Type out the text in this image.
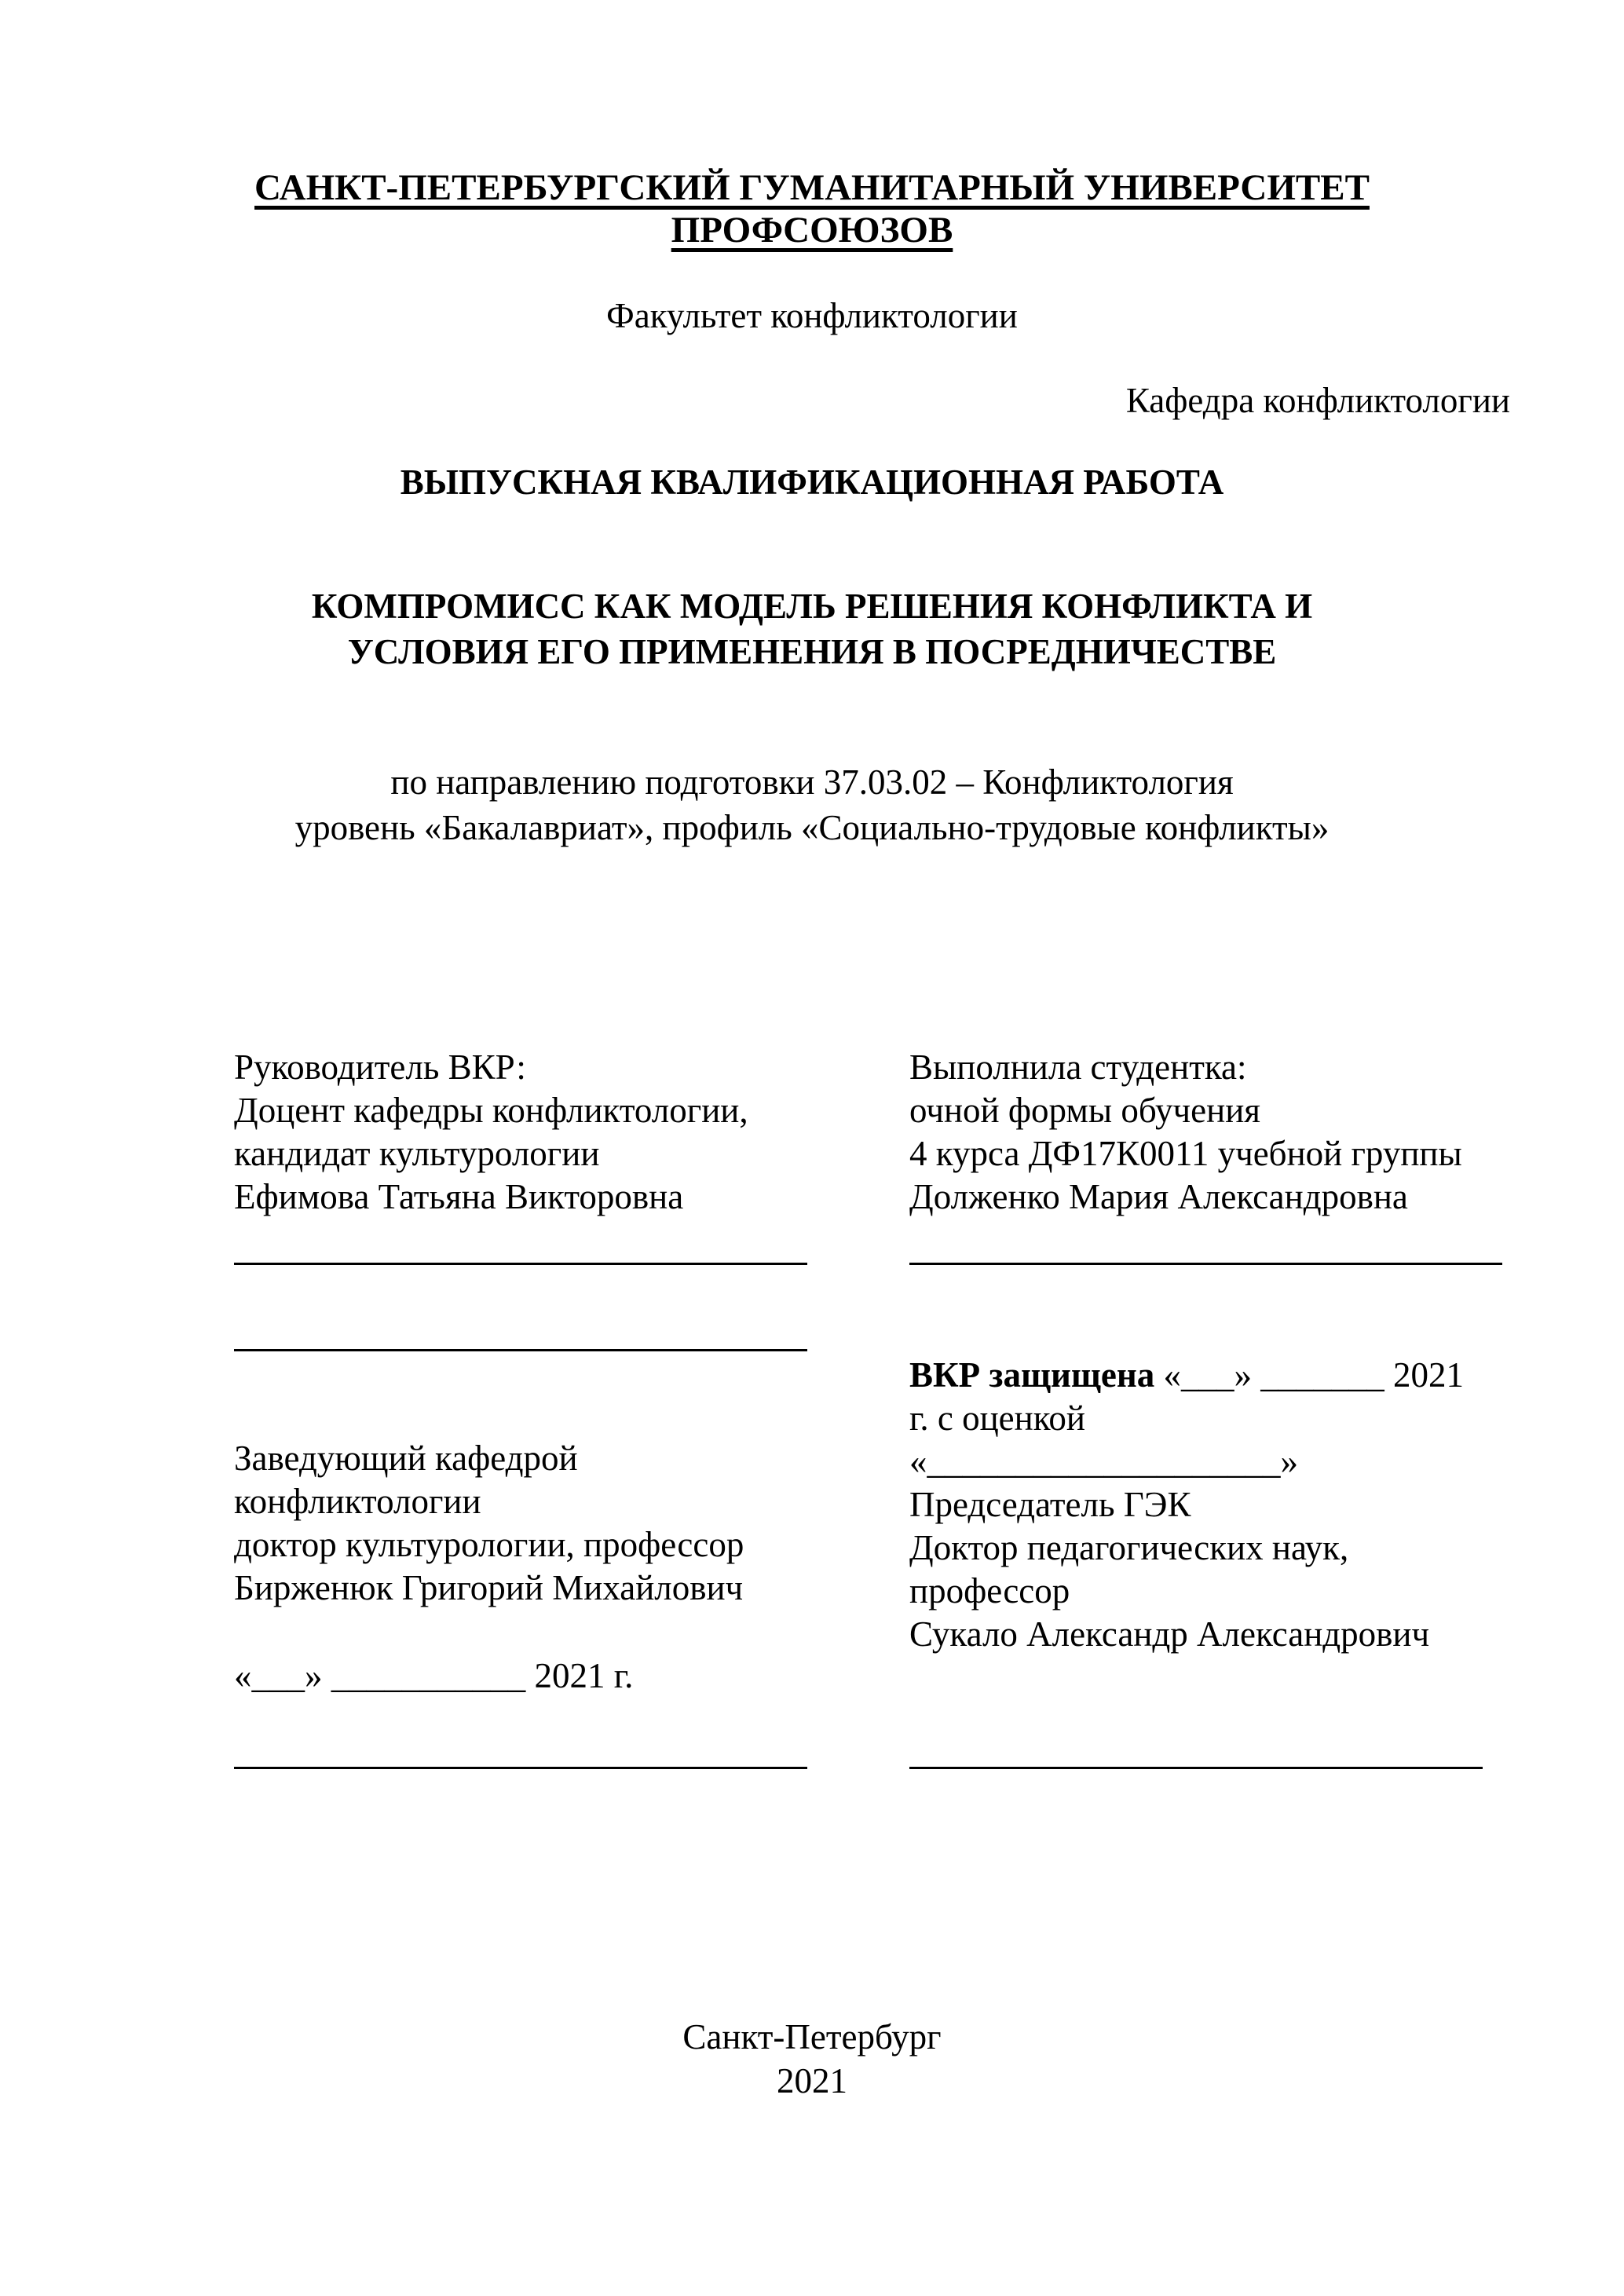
САНКТ-ПЕТЕРБУРГСКИЙ ГУМАНИТАРНЫЙ УНИВЕРСИТЕТ
ПРОФСОЮЗОВ
Факультет конфликтологии
Кафедра конфликтологии
ВЫПУСКНАЯ КВАЛИФИКАЦИОННАЯ РАБОТА
КОМПРОМИСС КАК МОДЕЛЬ РЕШЕНИЯ КОНФЛИКТА И
УСЛОВИЯ ЕГО ПРИМЕНЕНИЯ В ПОСРЕДНИЧЕСТВЕ
по направлению подготовки 37.03.02 – Конфликтология
уровень «Бакалавриат», профиль «Социально-трудовые конфликты»
Руководитель ВКР:
Доцент кафедры конфликтологии,
кандидат культурологии
Ефимова Татьяна Викторовна
Выполнила студентка:
очной формы обучения
4 курса ДФ17К0011 учебной группы
Долженко Мария Александровна
Заведующий кафедрой
конфликтологии
доктор культурологии, профессор
Бирженюк Григорий Михайлович
«___» ___________ 2021 г.
ВКР защищена «___» _______ 2021
г. с оценкой
«____________________»
Председатель ГЭК
Доктор педагогических наук,
профессор
Сукало Александр Александрович
Санкт-Петербург
2021
